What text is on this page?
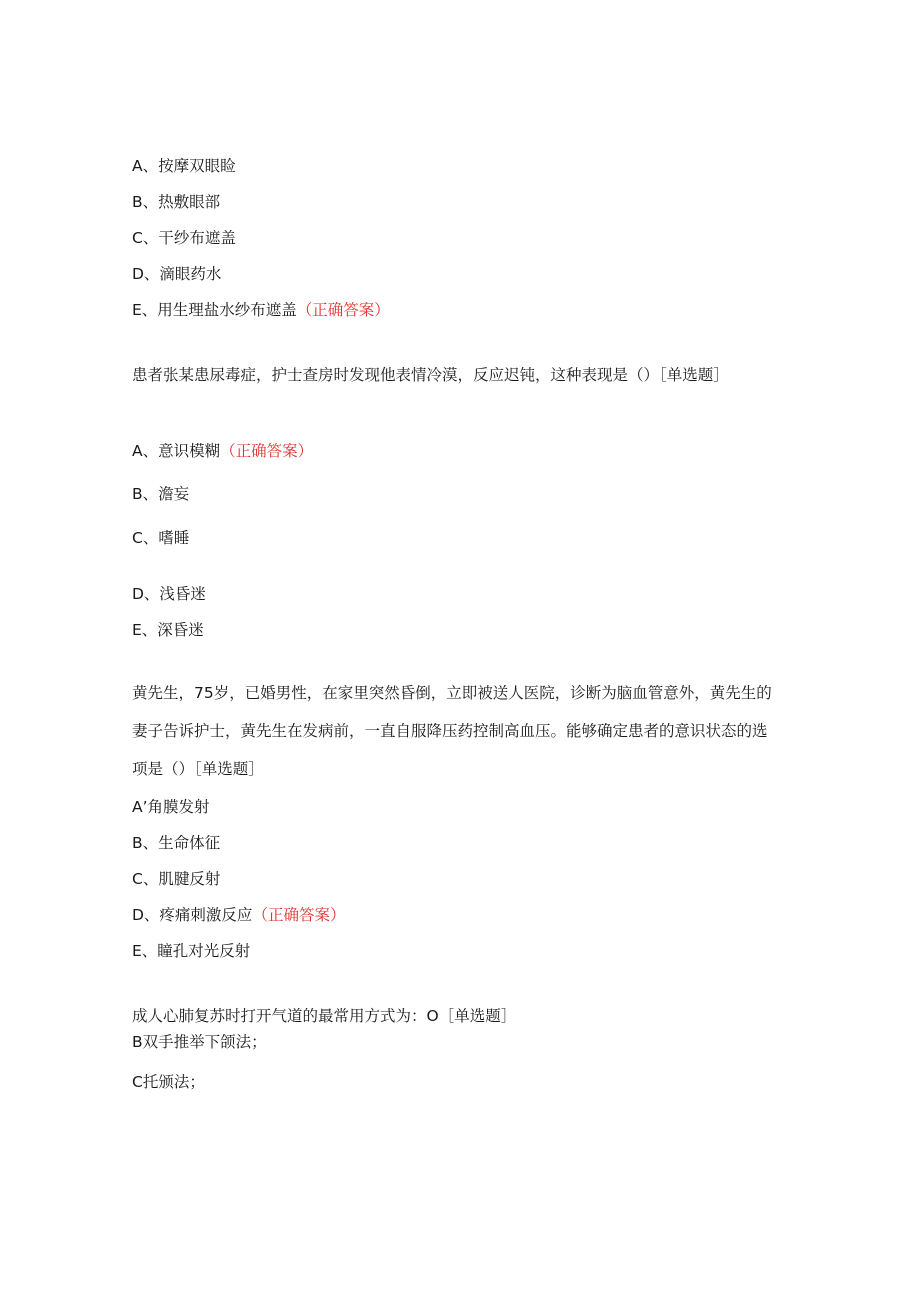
A、按摩双眼睑
B、热敷眼部
C、干纱布遮盖
D、滴眼药水
E、用生理盐水纱布遮盖（正确答案）
患者张某患尿毒症，护士查房时发现他表情冷漠，反应迟钝，这种表现是（）［单选题］
A、意识模糊（正确答案）
B、澹妄
C、嗜睡
D、浅昏迷
E、深昏迷
黄先生，75岁，已婚男性，在家里突然昏倒，立即被送人医院，诊断为脑血管意外，黄先生的妻子告诉护士，黄先生在发病前，一直自服降压药控制高血压。能够确定患者的意识状态的选项是（）［单选题］
A’角膜发射
B、生命体征
C、肌腱反射
D、疼痛刺激反应（正确答案）
E、瞳孔对光反射
成人心肺复苏时打开气道的最常用方式为：O［单选题］
B双手推举下颌法；
C托颁法；
